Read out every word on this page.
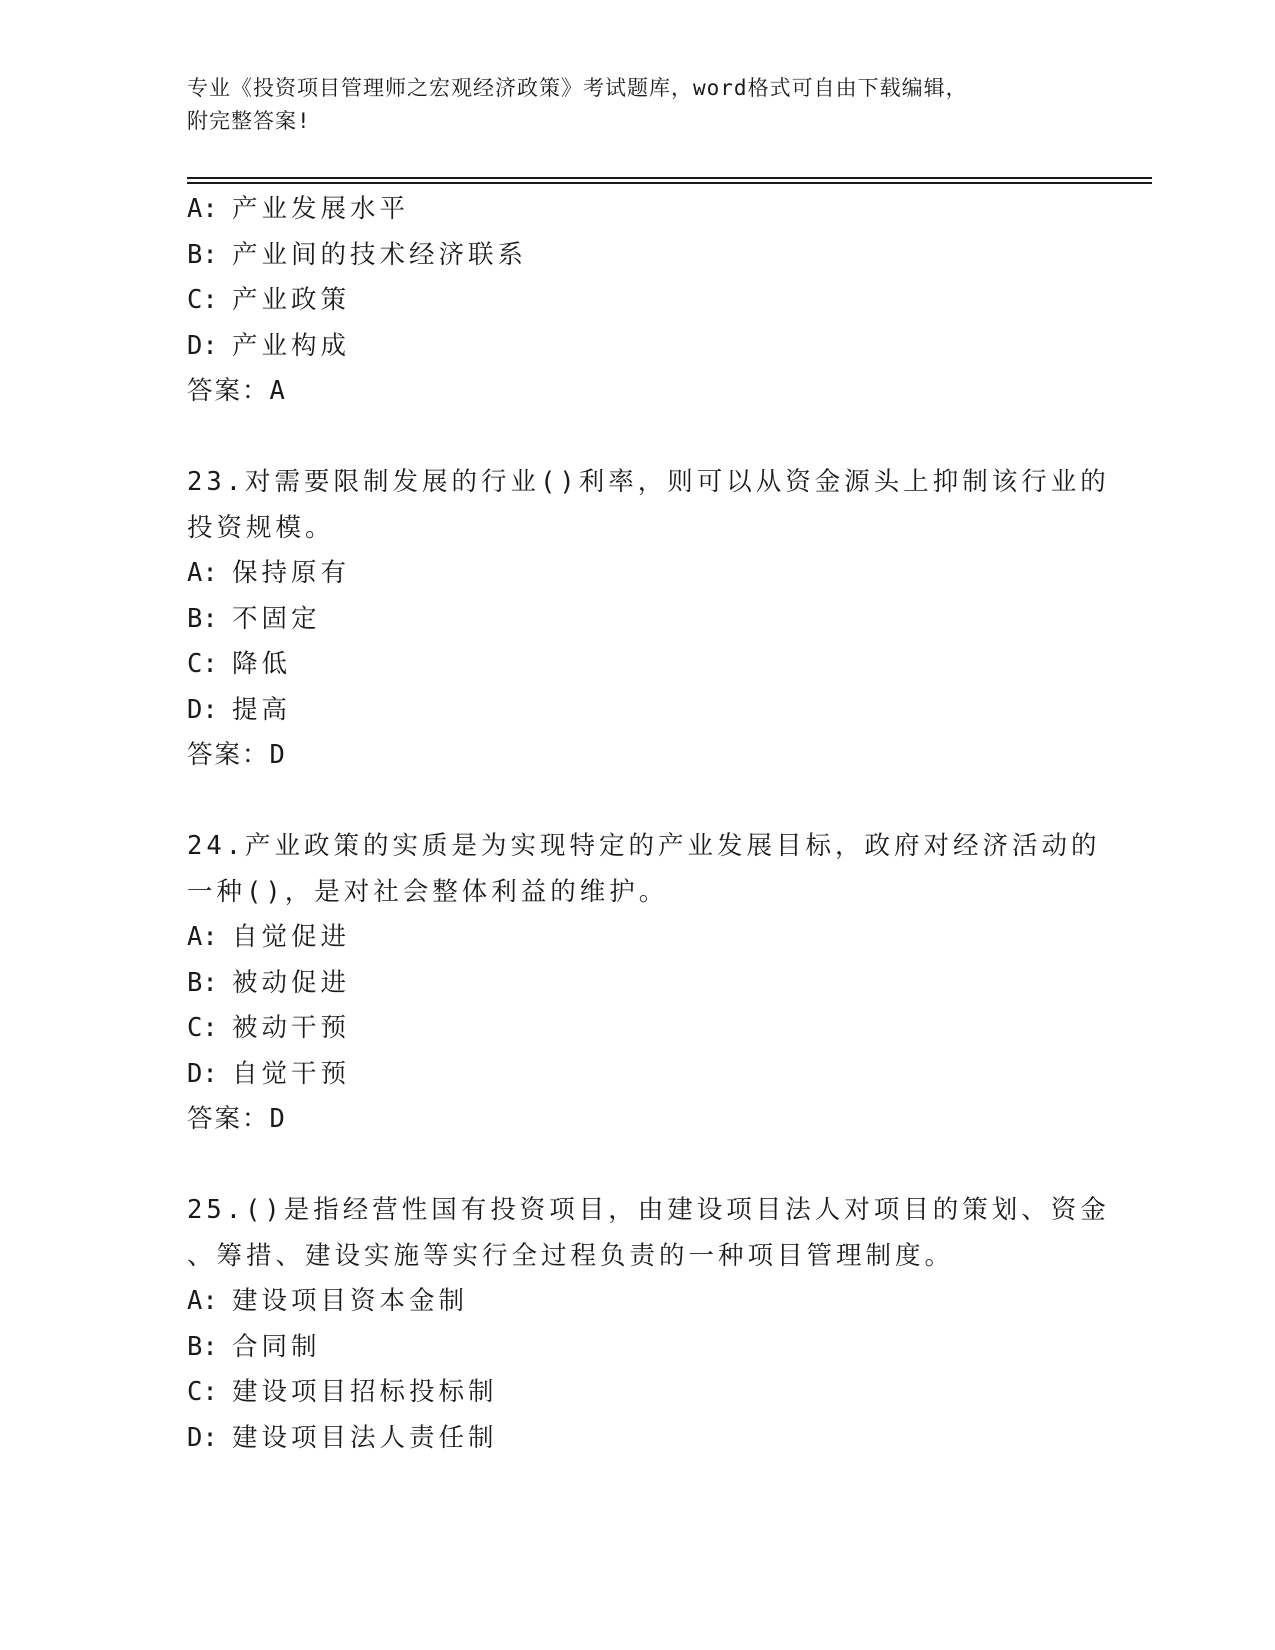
专业《投资项目管理师之宏观经济政策》考试题库，word格式可自由下载编辑，
附完整答案!
A: 产业发展水平
B: 产业间的技术经济联系
C: 产业政策
D: 产业构成
答案：A
23.对需要限制发展的行业()利率，则可以从资金源头上抑制该行业的
投资规模。
A: 保持原有
B: 不固定
C: 降低
D: 提高
答案：D
24.产业政策的实质是为实现特定的产业发展目标，政府对经济活动的
一种()，是对社会整体利益的维护。
A: 自觉促进
B: 被动促进
C: 被动干预
D: 自觉干预
答案：D
25.()是指经营性国有投资项目，由建设项目法人对项目的策划、资金
、筹措、建设实施等实行全过程负责的一种项目管理制度。
A: 建设项目资本金制
B: 合同制
C: 建设项目招标投标制
D: 建设项目法人责任制
